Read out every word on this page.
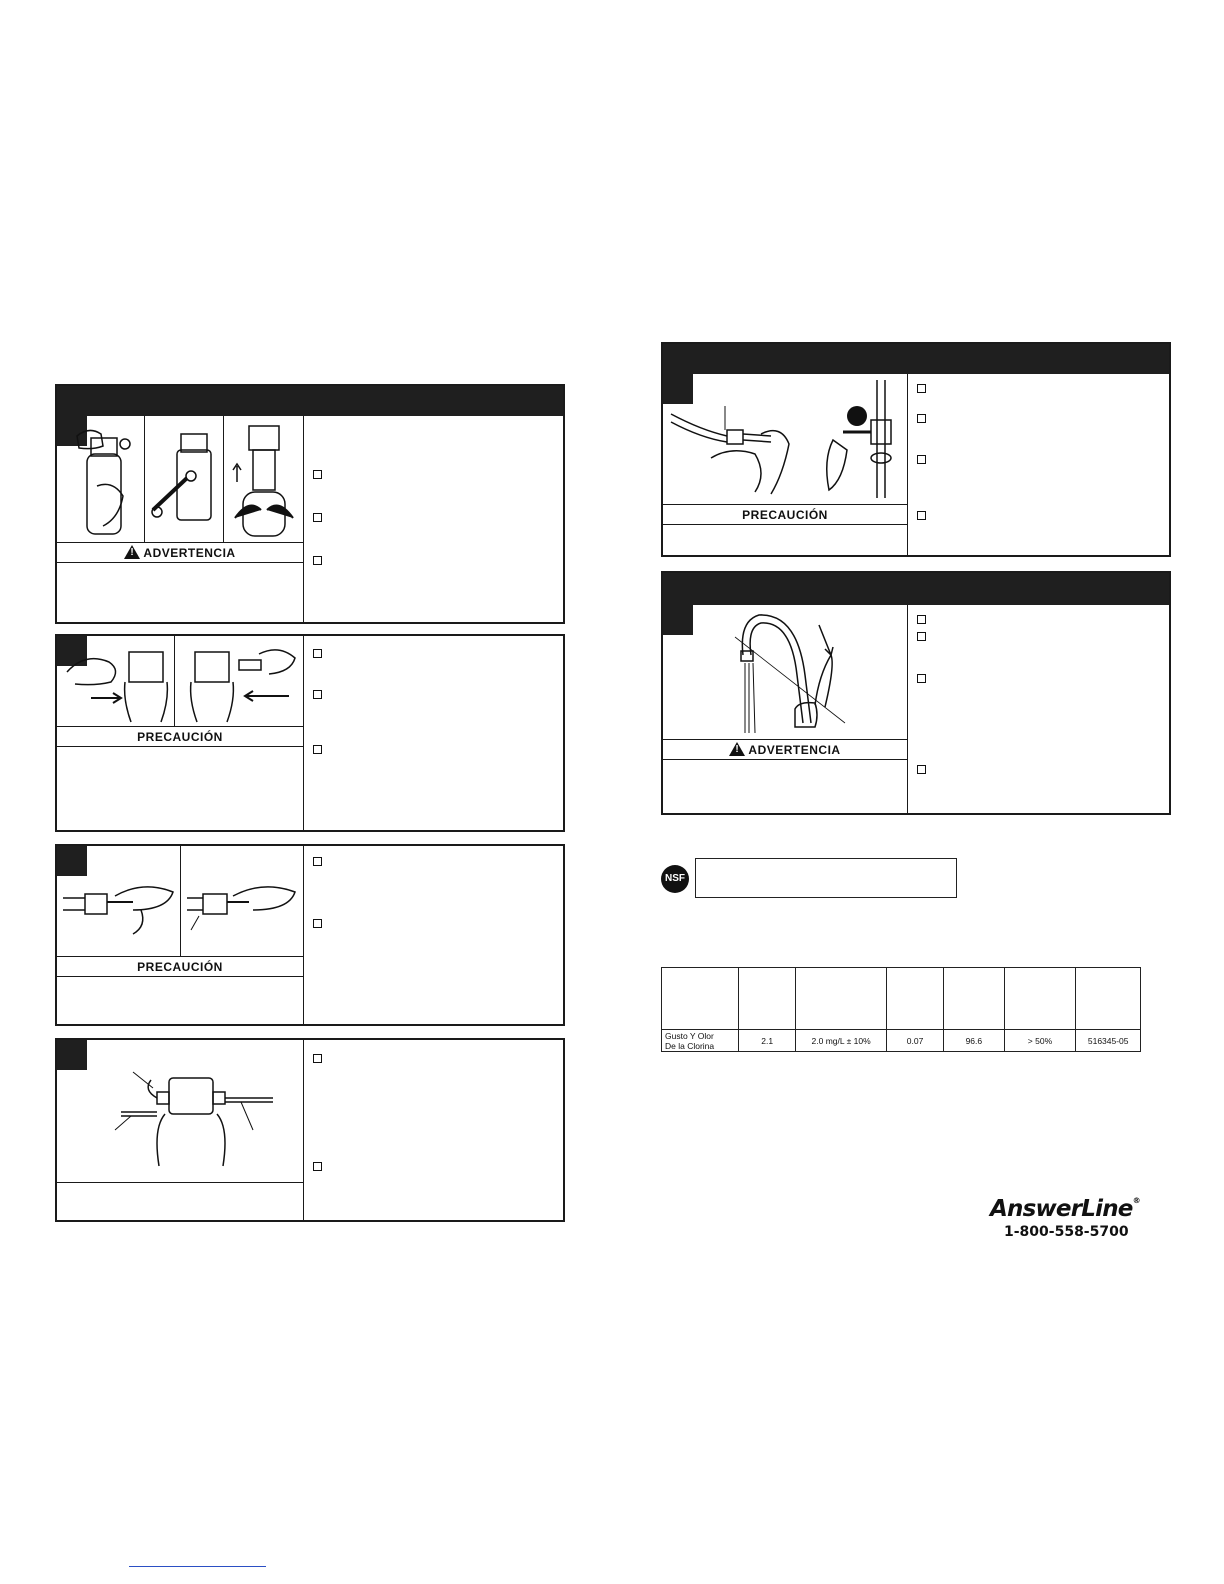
!ADVERTENCIA
PRECAUCIÓN
PRECAUCIÓN
PRECAUCIÓN
!ADVERTENCIA
NSF

Gusto Y Olor
De la Clorina	2.1	2.0 mg/L ± 10%	0.07	96.6	> 50%	516345-05
AnswerLine®
1-800-558-5700
